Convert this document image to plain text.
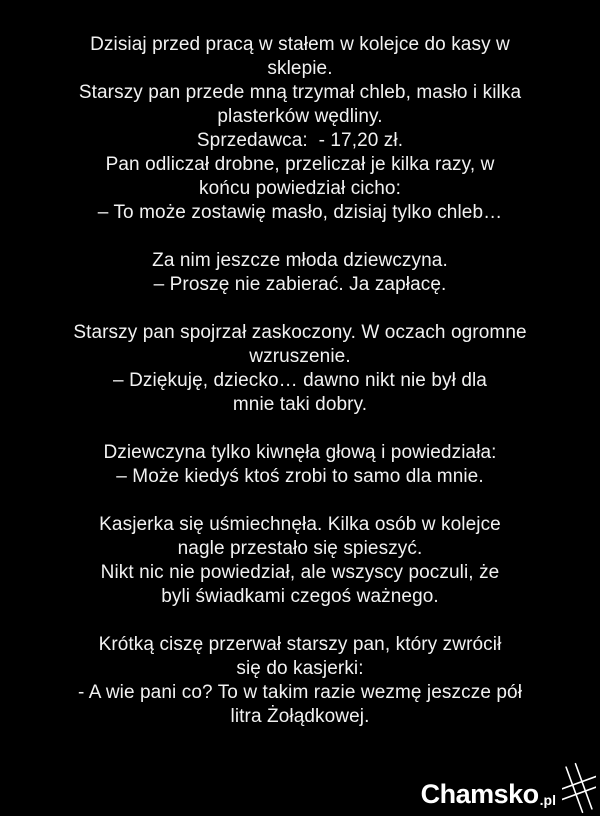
Dzisiaj przed pracą w stałem w kolejce do kasy w
sklepie.
Starszy pan przede mną trzymał chleb, masło i kilka
plasterków wędliny.
Sprzedawca:  - 17,20 zł.
Pan odliczał drobne, przeliczał je kilka razy, w
końcu powiedział cicho:
– To może zostawię masło, dzisiaj tylko chleb…

Za nim jeszcze młoda dziewczyna.
– Proszę nie zabierać. Ja zapłacę.

Starszy pan spojrzał zaskoczony. W oczach ogromne
wzruszenie.
– Dziękuję, dziecko… dawno nikt nie był dla
mnie taki dobry.

Dziewczyna tylko kiwnęła głową i powiedziała:
– Może kiedyś ktoś zrobi to samo dla mnie.

Kasjerka się uśmiechnęła. Kilka osób w kolejce
nagle przestało się spieszyć.
Nikt nic nie powiedział, ale wszyscy poczuli, że
byli świadkami czegoś ważnego.

Krótką ciszę przerwał starszy pan, który zwrócił
się do kasjerki:
- A wie pani co? To w takim razie wezmę jeszcze pół
litra Żołądkowej.

Chamsko .pl
